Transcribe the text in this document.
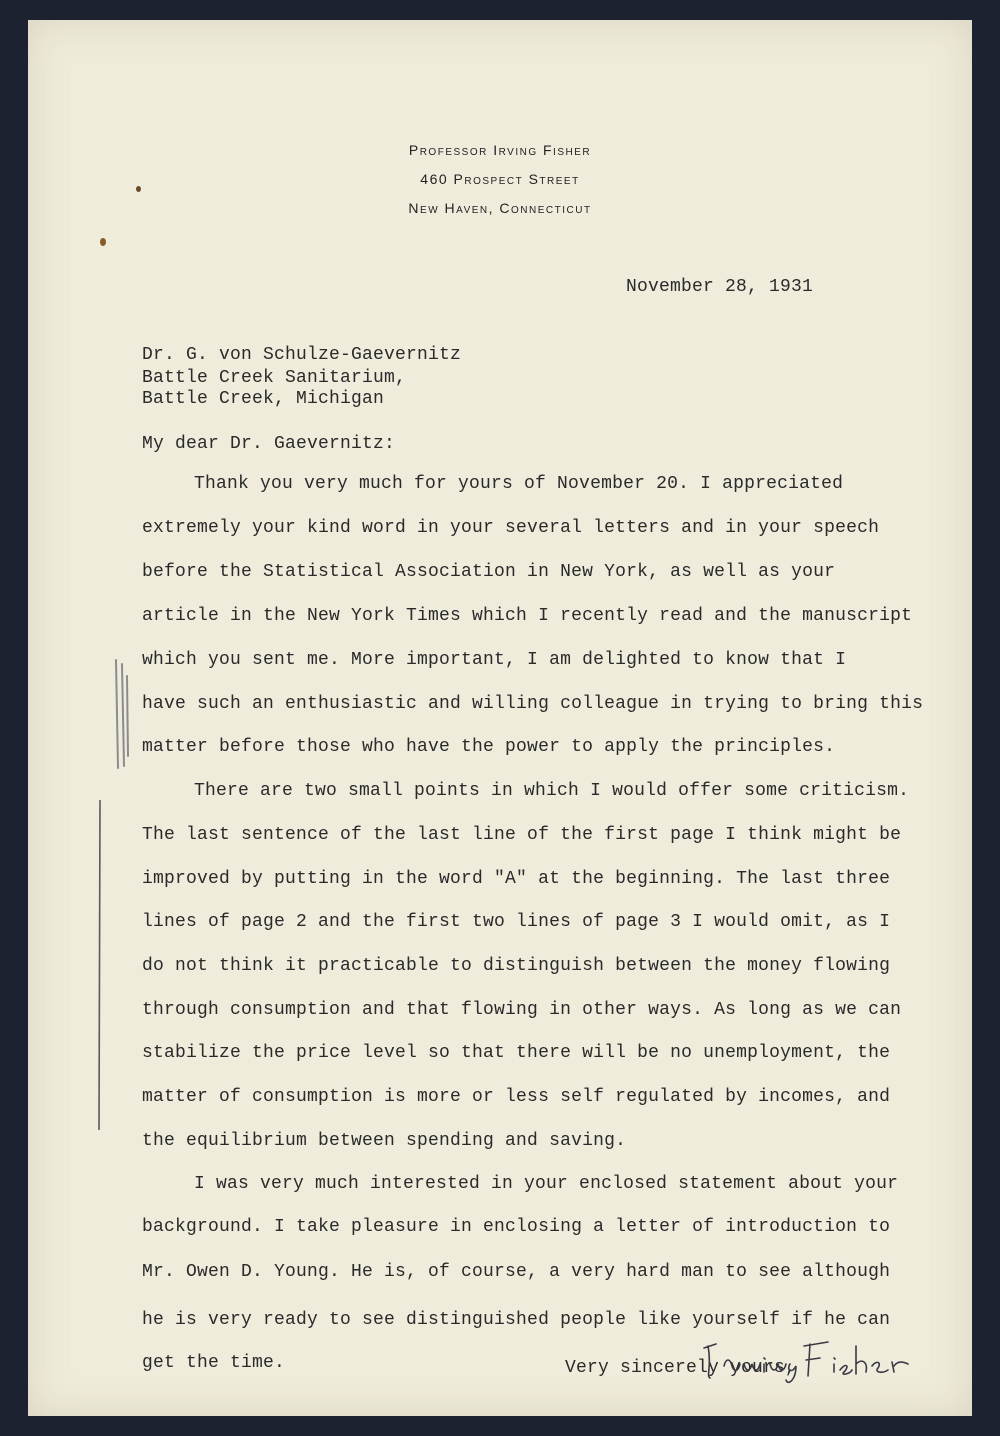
Professor Irving Fisher
460 Prospect Street
New Haven, Connecticut
November 28, 1931
Dr. G. von Schulze-Gaevernitz
Battle Creek Sanitarium,
Battle Creek, Michigan
My dear Dr. Gaevernitz:
Thank you very much for yours of November 20. I appreciated
extremely your kind word in your several letters and in your speech
before the Statistical Association in New York, as well as your
article in the New York Times which I recently read and the manuscript
which you sent me. More important, I am delighted to know that I
have such an enthusiastic and willing colleague in trying to bring this
matter before those who have the power to apply the principles.
There are two small points in which I would offer some criticism.
The last sentence of the last line of the first page I think might be
improved by putting in the word "A" at the beginning. The last three
lines of page 2 and the first two lines of page 3 I would omit, as I
do not think it practicable to distinguish between the money flowing
through consumption and that flowing in other ways. As long as we can
stabilize the price level so that there will be no unemployment, the
matter of consumption is more or less self regulated by incomes, and
the equilibrium between spending and saving.
I was very much interested in your enclosed statement about your
background. I take pleasure in enclosing a letter of introduction to
Mr. Owen D. Young. He is, of course, a very hard man to see although
he is very ready to see distinguished people like yourself if he can
get the time.	Very sincerely yours,
